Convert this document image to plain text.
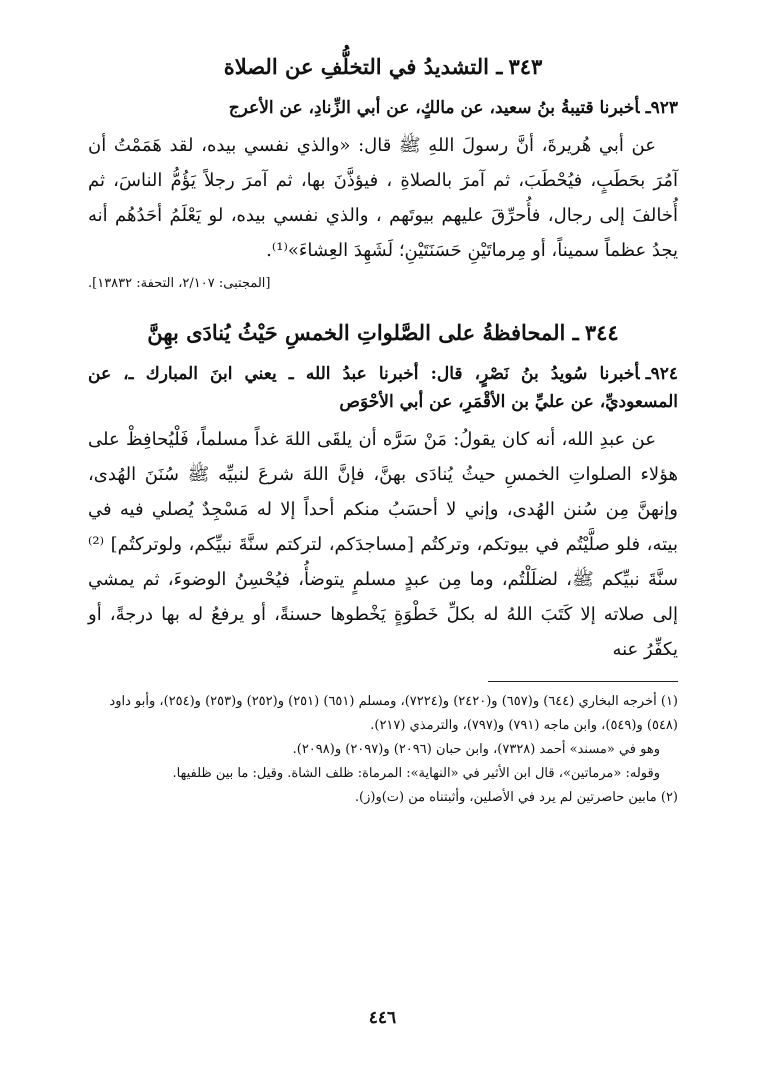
٣٤٣ـ التشديدُ في التخلُّفِ عن الصلاة

٩٢٣ـأخبرنا قتيبةُ بنُ سعيد، عن مالكٍ، عن أبي الزِّنادِ، عن الأعرج

عن أبي هُريرةَ، أنَّ رسولَ اللهِ ﷺ قال: «والذي نفسي بيده، لقد هَمَمْتُ أن آمُرَ بحَطَبٍ، فيُحْطَبَ، ثم آمرَ بالصلاةِ ، فيؤذَّنَ بها، ثم آمرَ رجلاً يَؤُمُّ الناسَ، ثم أُخالفَ إلى رجال، فأُحرِّقَ عليهم بيوتَهم ، والذي نفسي بيده، لو يَعْلَمُ أحَدُهُم أنه يجدُ عظماً سميناً، أو مِرماتَيْنِ حَسَنَتَيْنِ؛ لَشَهِدَ العِشاءَ»⁽¹⁾.

[المجتبى: ٢/١٠٧، التحفة: ١٣٨٣٢].
٣٤٤ـ المحافظةُ على الصَّلواتِ الخمسِ حَيْثُ يُنادَى بهِنَّ

٩٢٤ـأخبرنا سُويدُ بنُ نَصْرٍ، قال: أخبرنا عبدُ الله ـ يعني ابنَ المبارك ـ، عن المسعوديِّ، عن عليِّ بن الأقْمَرِ، عن أبي الأحْوَص

عن عبدِ الله، أنه كان يقولُ: مَنْ سَرَّه أن يلقَى اللهَ غداً مسلماً، فَلْيُحافِظْ على هؤلاء الصلواتِ الخمسِ حيثُ يُنادَى بهنَّ، فإنَّ اللهَ شرعَ لنبيِّه ﷺ سُنَنَ الهُدى، وإنهنَّ مِن سُنن الهُدى، وإني لا أحسَبُ منكم أحداً إلا له مَسْجِدٌ يُصلي فيه في بيته، فلو صلَّيْتُم في بيوتكم، وتركتُم [مساجدَكم، لتركتم سنَّةَ نبيِّكم، ولوتركتُم] ⁽²⁾ سنَّةَ نبيِّكم ﷺ، لضلَلْتُم، وما مِن عبدٍ مسلمٍ يتوضأُ، فيُحْسِنُ الوضوءَ، ثم يمشي إلى صلاته إلا كَتَبَ اللهُ له بكلِّ خَطْوَةٍ يَخْطوها حسنةً، أو يرفعُ له بها درجةً، أو يكفِّرُ عنه

(١) أخرجه البخاري (٦٤٤) و(٦٥٧) و(٢٤٢٠) و(٧٢٢٤)، ومسلم (٦٥١) (٢٥١) و(٢٥٢) و(٢٥٣) و(٢٥٤)، وأبو داود (٥٤٨) و(٥٤٩)، وابن ماجه (٧٩١) و(٧٩٧)، والترمذي (٢١٧).

وهو في «مسند» أحمد (٧٣٢٨)، وابن حبان (٢٠٩٦) و(٢٠٩٧) و(٢٠٩٨).

وقوله: «مرماتين»، قال ابن الأثير في «النهاية»: المرماة: ظلف الشاة. وقيل: ما بين ظلفيها.

(٢) مابين حاصرتين لم يرد في الأصلين، وأثبتناه من (ت)و(ز).

٤٤٦
